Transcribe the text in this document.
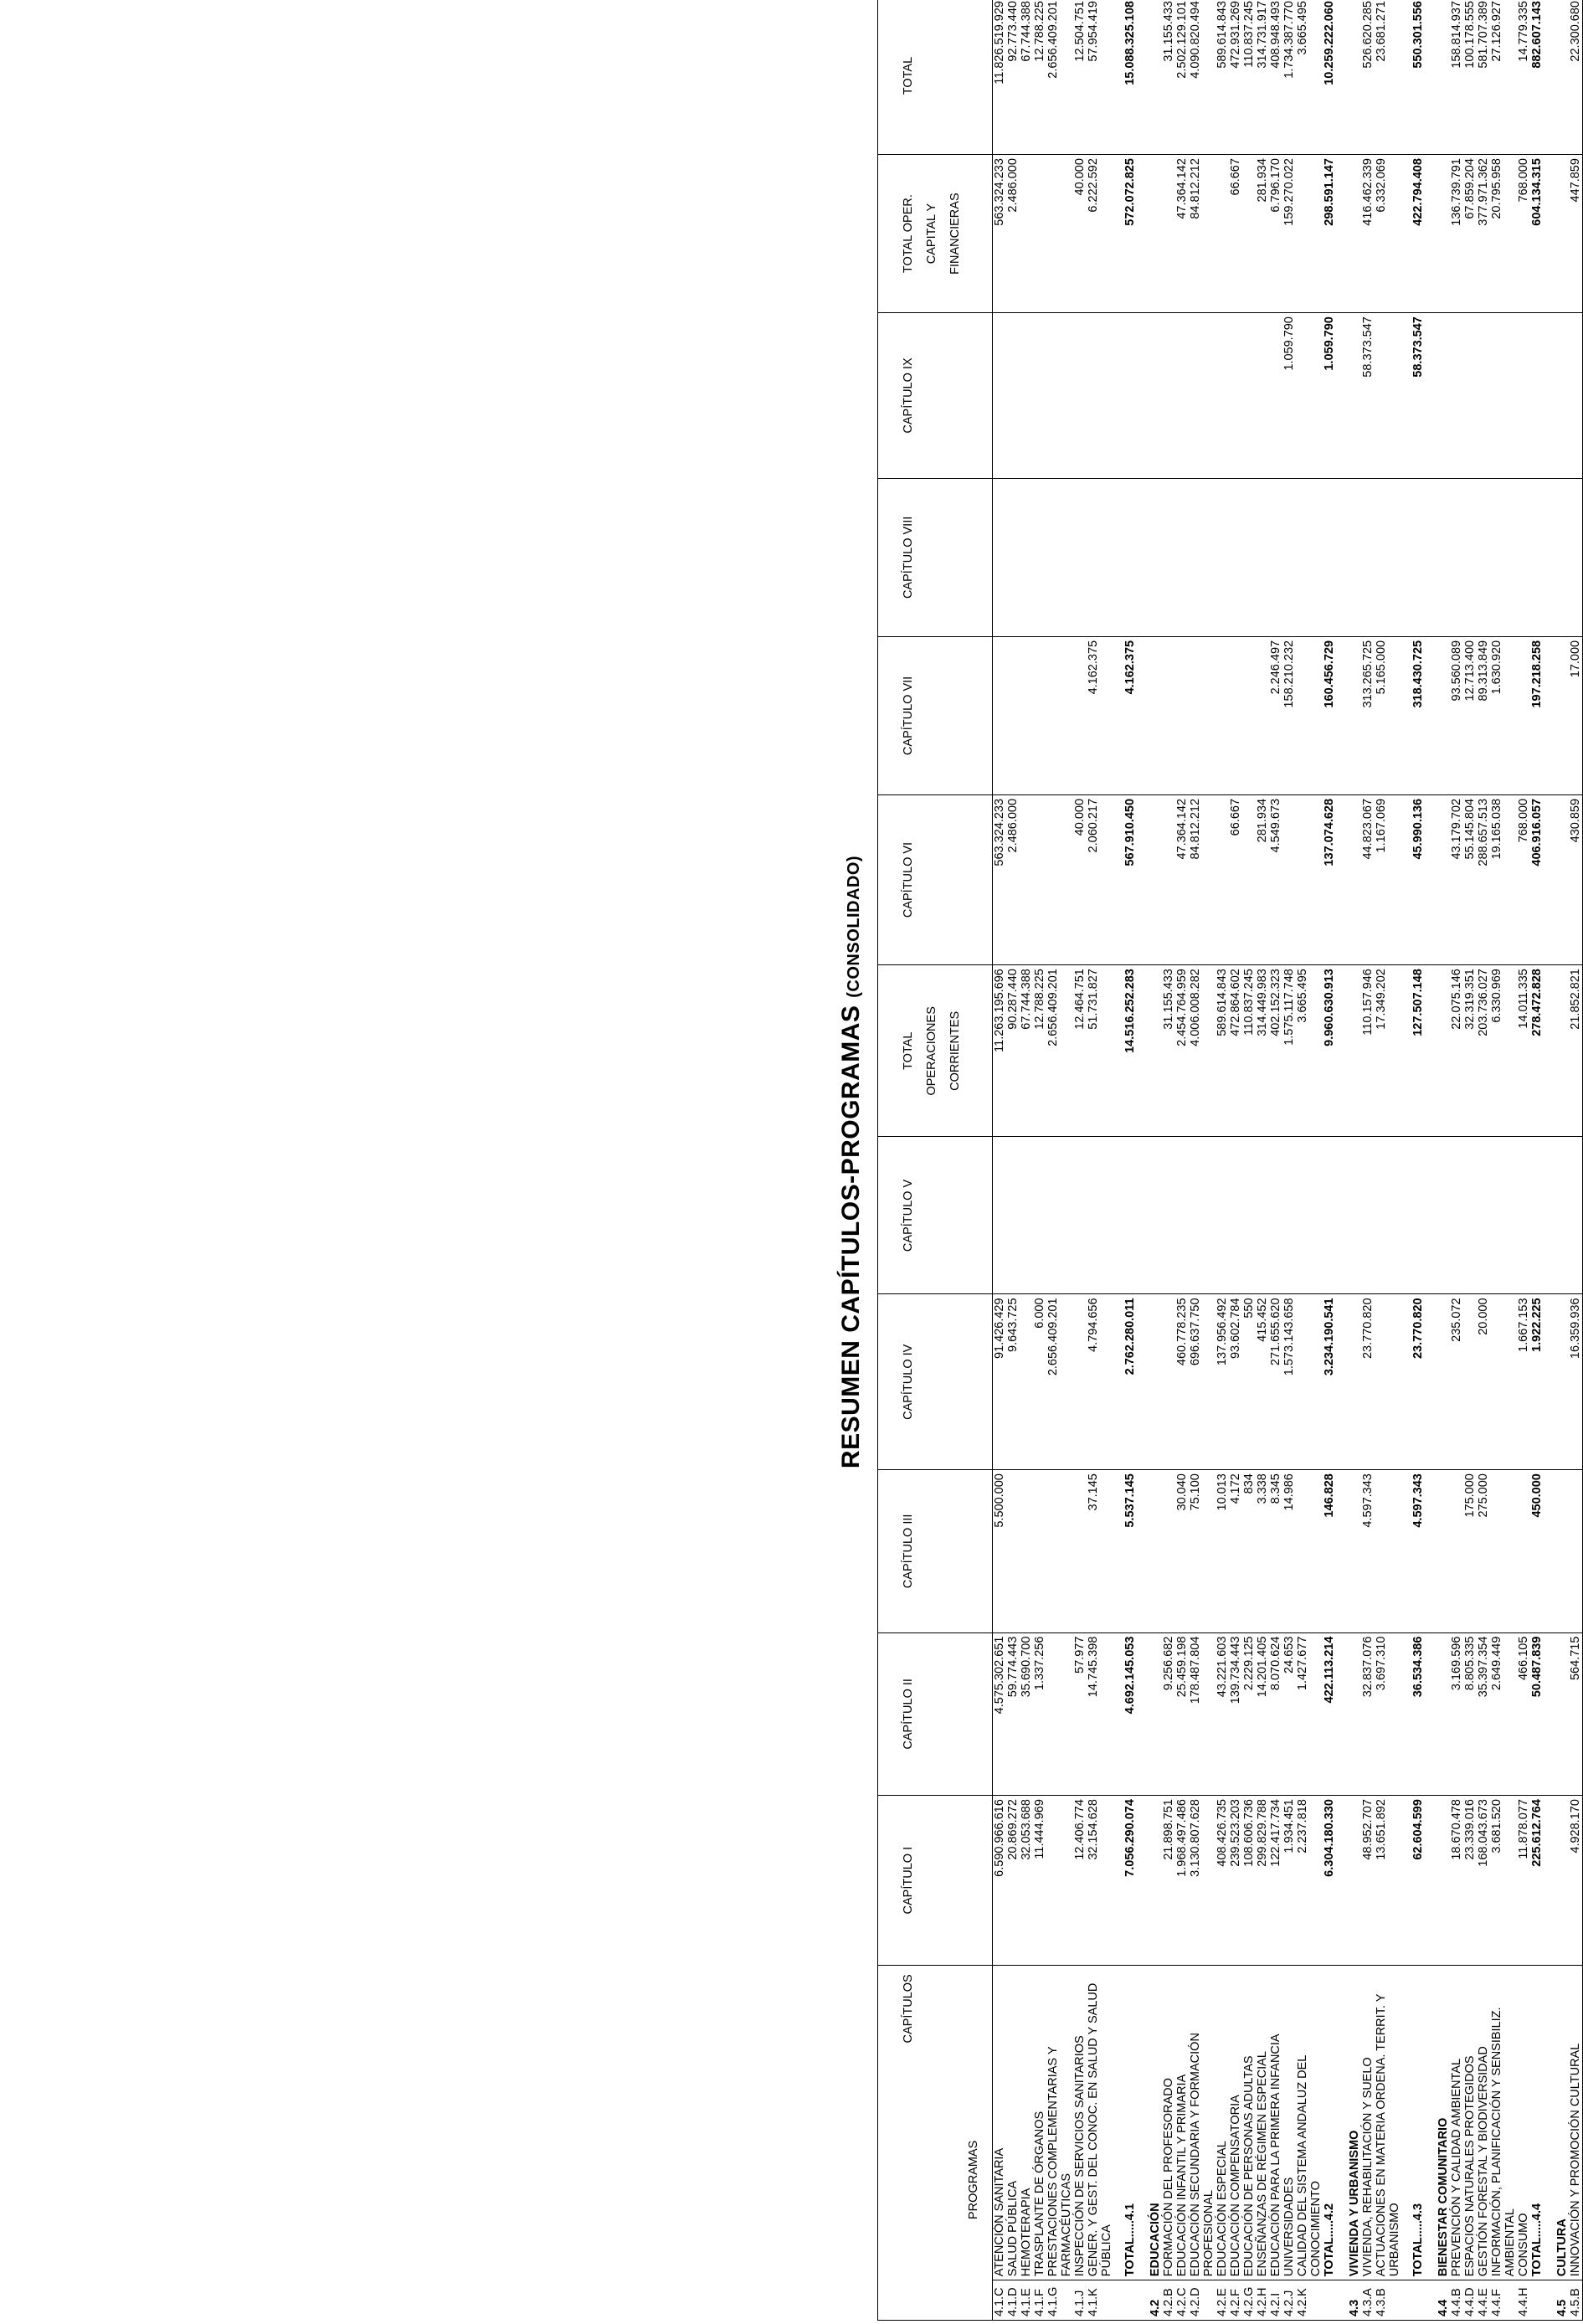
RESUMEN CAPÍTULOS-PROGRAMAS (CONSOLIDADO)
CAPÍTULOS
PROGRAMAS		CAPÍTULO I	CAPÍTULO II	CAPÍTULO III	CAPÍTULO IV	CAPÍTULO V	TOTAL OPERACIONES CORRIENTES	CAPÍTULO VI	CAPÍTULO VII	CAPÍTULO VIII	CAPÍTULO IX	TOTAL OPER. CAPITAL Y FINANCIERAS	TOTAL
4.1.C	ATENCIÓN SANITARIA	6.590.966.616	4.575.302.651	5.500.000	91.426.429		11.263.195.696	563.324.233				563.324.233	11.826.519.929
4.1.D	SALUD PÚBLICA	20.869.272	59.774.443		9.643.725		90.287.440	2.486.000				2.486.000	92.773.440
4.1.E	HEMOTERAPIA	32.053.688	35.690.700				67.744.388						67.744.388
4.1.F	TRASPLANTE DE ÓRGANOS	11.444.969	1.337.256		6.000		12.788.225						12.788.225
4.1.G	PRESTACIONES COMPLEMENTARIAS Y FARMACÉUTICAS				2.656.409.201		2.656.409.201						2.656.409.201
4.1.J	INSPECCIÓN DE SERVICIOS SANITARIOS	12.406.774	57.977				12.464.751	40.000				40.000	12.504.751
4.1.K	GENER. Y GEST. DEL CONOC. EN SALUD Y SALUD PÚBLICA	32.154.628	14.745.398	37.145	4.794.656		51.731.827	2.060.217	4.162.375			6.222.592	57.954.419
	TOTAL.....4.1	7.056.290.074	4.692.145.053	5.537.145	2.762.280.011		14.516.252.283	567.910.450	4.162.375			572.072.825	15.088.325.108
4.2	EDUCACIÓN												
4.2.B	FORMACIÓN DEL PROFESORADO	21.898.751	9.256.682				31.155.433						31.155.433
4.2.C	EDUCACIÓN INFANTIL Y PRIMARIA	1.968.497.486	25.459.198	30.040	460.778.235		2.454.764.959	47.364.142				47.364.142	2.502.129.101
4.2.D	EDUCACIÓN SECUNDARIA Y FORMACIÓN PROFESIONAL	3.130.807.628	178.487.804	75.100	696.637.750		4.006.008.282	84.812.212				84.812.212	4.090.820.494
4.2.E	EDUCACIÓN ESPECIAL	408.426.735	43.221.603	10.013	137.956.492		589.614.843						589.614.843
4.2.F	EDUCACIÓN COMPENSATORIA	239.523.203	139.734.443	4.172	93.602.784		472.864.602	66.667				66.667	472.931.269
4.2.G	EDUCACIÓN DE PERSONAS ADULTAS	108.606.736	2.229.125	834	550		110.837.245						110.837.245
4.2.H	ENSEÑANZAS DE RÉGIMEN ESPECIAL	299.829.788	14.201.405	3.338	415.452		314.449.983	281.934				281.934	314.731.917
4.2.I	EDUCACIÓN PARA LA PRIMERA INFANCIA	122.417.734	8.070.624	8.345	271.655.620		402.152.323	4.549.673	2.246.497			6.796.170	408.948.493
4.2.J	UNIVERSIDADES	1.934.451	24.653	14.986	1.573.143.658		1.575.117.748		158.210.232		1.059.790	159.270.022	1.734.387.770
4.2.K	CALIDAD DEL SISTEMA ANDALUZ DEL CONOCIMIENTO	2.237.818	1.427.677				3.665.495						3.665.495
	TOTAL.....4.2	6.304.180.330	422.113.214	146.828	3.234.190.541		9.960.630.913	137.074.628	160.456.729		1.059.790	298.591.147	10.259.222.060
4.3	VIVIENDA Y URBANISMO												
4.3.A	VIVIENDA, REHABILITACIÓN Y SUELO	48.952.707	32.837.076	4.597.343	23.770.820		110.157.946	44.823.067	313.265.725		58.373.547	416.462.339	526.620.285
4.3.B	ACTUACIONES EN MATERIA ORDENA. TERRIT. Y URBANISMO	13.651.892	3.697.310				17.349.202	1.167.069	5.165.000			6.332.069	23.681.271
	TOTAL.....4.3	62.604.599	36.534.386	4.597.343	23.770.820		127.507.148	45.990.136	318.430.725		58.373.547	422.794.408	550.301.556
4.4	BIENESTAR COMUNITARIO												
4.4.B	PREVENCIÓN Y CALIDAD AMBIENTAL	18.670.478	3.169.596		235.072		22.075.146	43.179.702	93.560.089			136.739.791	158.814.937
4.4.D	ESPACIOS NATURALES PROTEGIDOS	23.339.016	8.805.335	175.000			32.319.351	55.145.804	12.713.400			67.859.204	100.178.555
4.4.E	GESTIÓN FORESTAL Y BIODIVERSIDAD	168.043.673	35.397.354	275.000	20.000		203.736.027	288.657.513	89.313.849			377.971.362	581.707.389
4.4.F	INFORMACIÓN, PLANIFICACIÓN Y SENSIBILIZ. AMBIENTAL	3.681.520	2.649.449				6.330.969	19.165.038	1.630.920			20.795.958	27.126.927
4.4.H	CONSUMO	11.878.077	466.105		1.667.153		14.011.335	768.000				768.000	14.779.335
	TOTAL.....4.4	225.612.764	50.487.839	450.000	1.922.225		278.472.828	406.916.057	197.218.258			604.134.315	882.607.143
4.5	CULTURA												
4.5.B	INNOVACIÓN Y PROMOCIÓN CULTURAL	4.928.170	564.715		16.359.936		21.852.821	430.859	17.000			447.859	22.300.680
